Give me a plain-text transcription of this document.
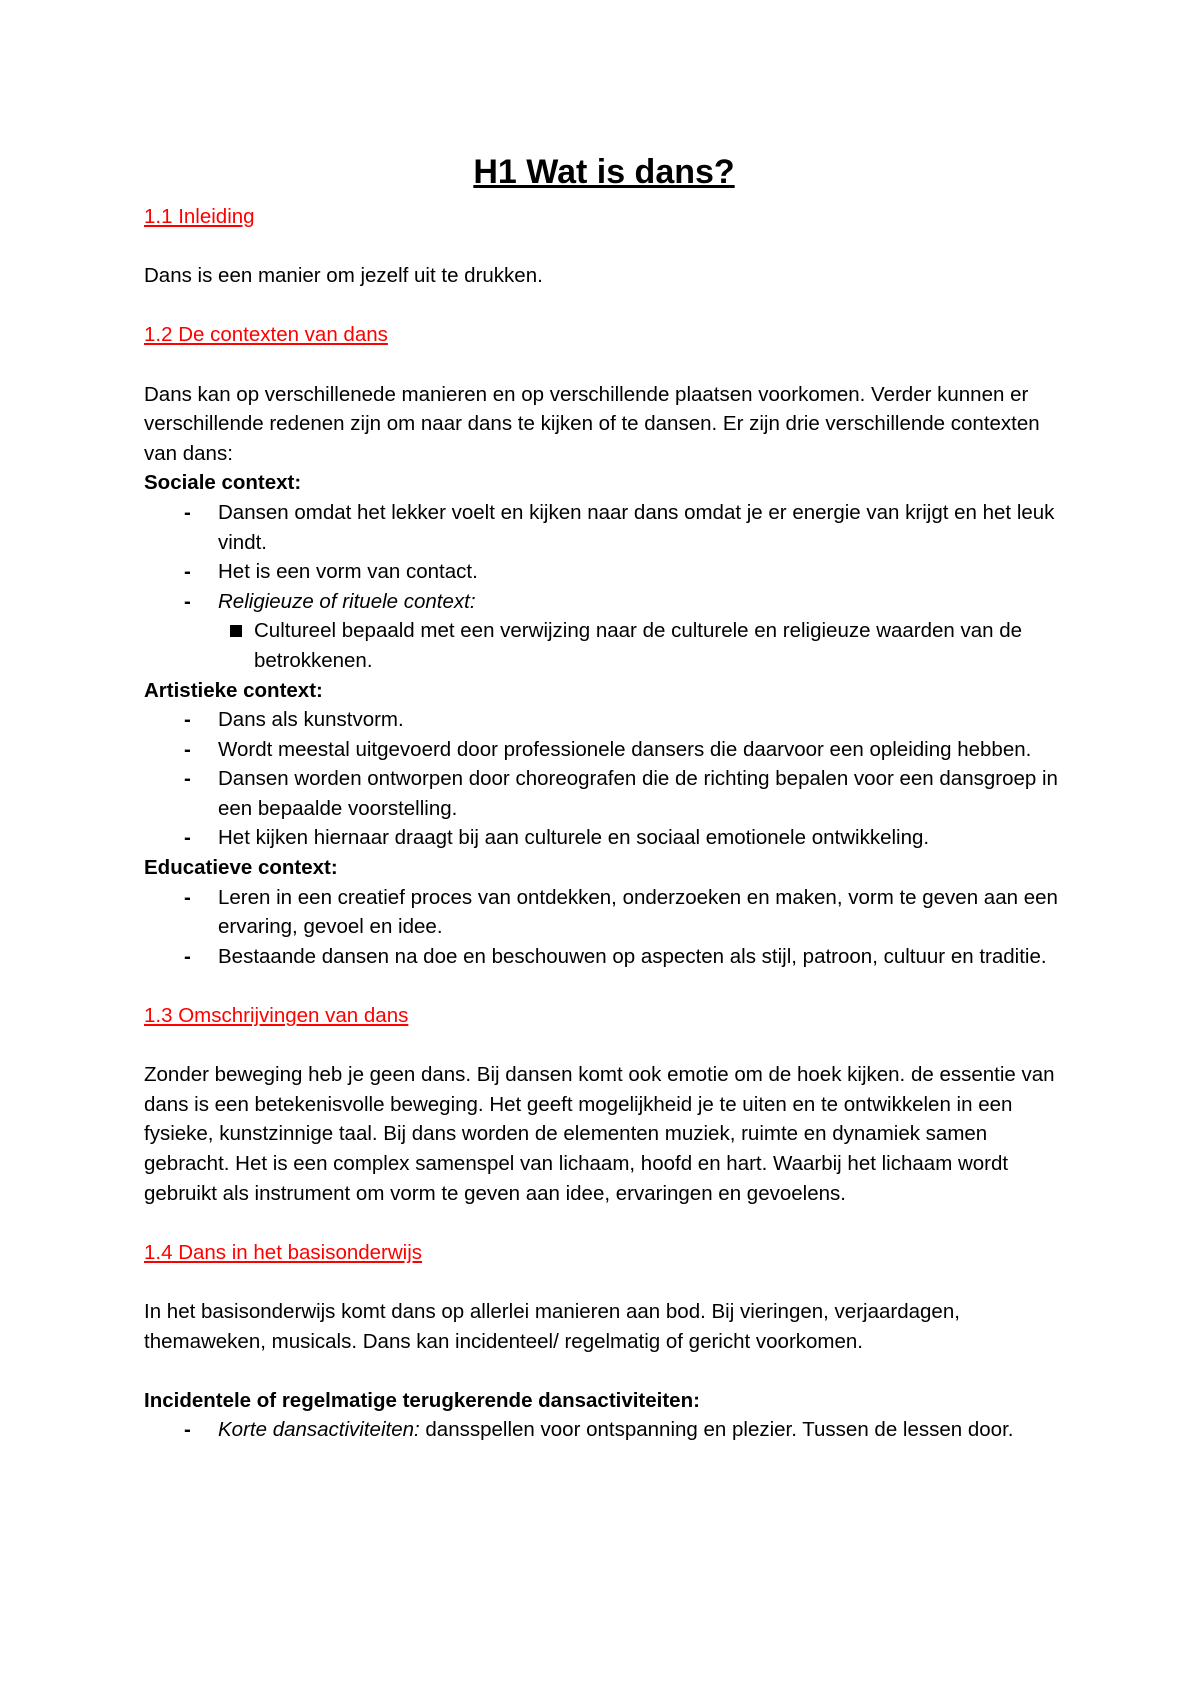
H1 Wat is dans?

1.1 Inleiding

Dans is een manier om jezelf uit te drukken.

1.2 De contexten van dans

Dans kan op verschillenede manieren en op verschillende plaatsen voorkomen. Verder kunnen er verschillende redenen zijn om naar dans te kijken of te dansen. Er zijn drie verschillende contexten van dans:

Sociale context:

- Dansen omdat het lekker voelt en kijken naar dans omdat je er energie van krijgt en het leuk vindt.
- Het is een vorm van contact.
- Religieuze of rituele context:
Cultureel bepaald met een verwijzing naar de culturele en religieuze waarden van de betrokkenen.

Artistieke context:

- Dans als kunstvorm.
- Wordt meestal uitgevoerd door professionele dansers die daarvoor een opleiding hebben.
- Dansen worden ontworpen door choreografen die de richting bepalen voor een dansgroep in een bepaalde voorstelling.
- Het kijken hiernaar draagt bij aan culturele en sociaal emotionele ontwikkeling.

Educatieve context:

- Leren in een creatief proces van ontdekken, onderzoeken en maken, vorm te geven aan een ervaring, gevoel en idee.
- Bestaande dansen na doe en beschouwen op aspecten als stijl, patroon, cultuur en traditie.

1.3 Omschrijvingen van dans

Zonder beweging heb je geen dans. Bij dansen komt ook emotie om de hoek kijken. de essentie van dans is een betekenisvolle beweging. Het geeft mogelijkheid je te uiten en te ontwikkelen in een fysieke, kunstzinnige taal. Bij dans worden de elementen muziek, ruimte en dynamiek samen gebracht. Het is een complex samenspel van lichaam, hoofd en hart. Waarbij het lichaam wordt gebruikt als instrument om vorm te geven aan idee, ervaringen en gevoelens.

1.4 Dans in het basisonderwijs

In het basisonderwijs komt dans op allerlei manieren aan bod. Bij vieringen, verjaardagen, themaweken, musicals. Dans kan incidenteel/ regelmatig of gericht voorkomen.

Incidentele of regelmatige terugkerende dansactiviteiten:

- Korte dansactiviteiten: dansspellen voor ontspanning en plezier. Tussen de lessen door.
